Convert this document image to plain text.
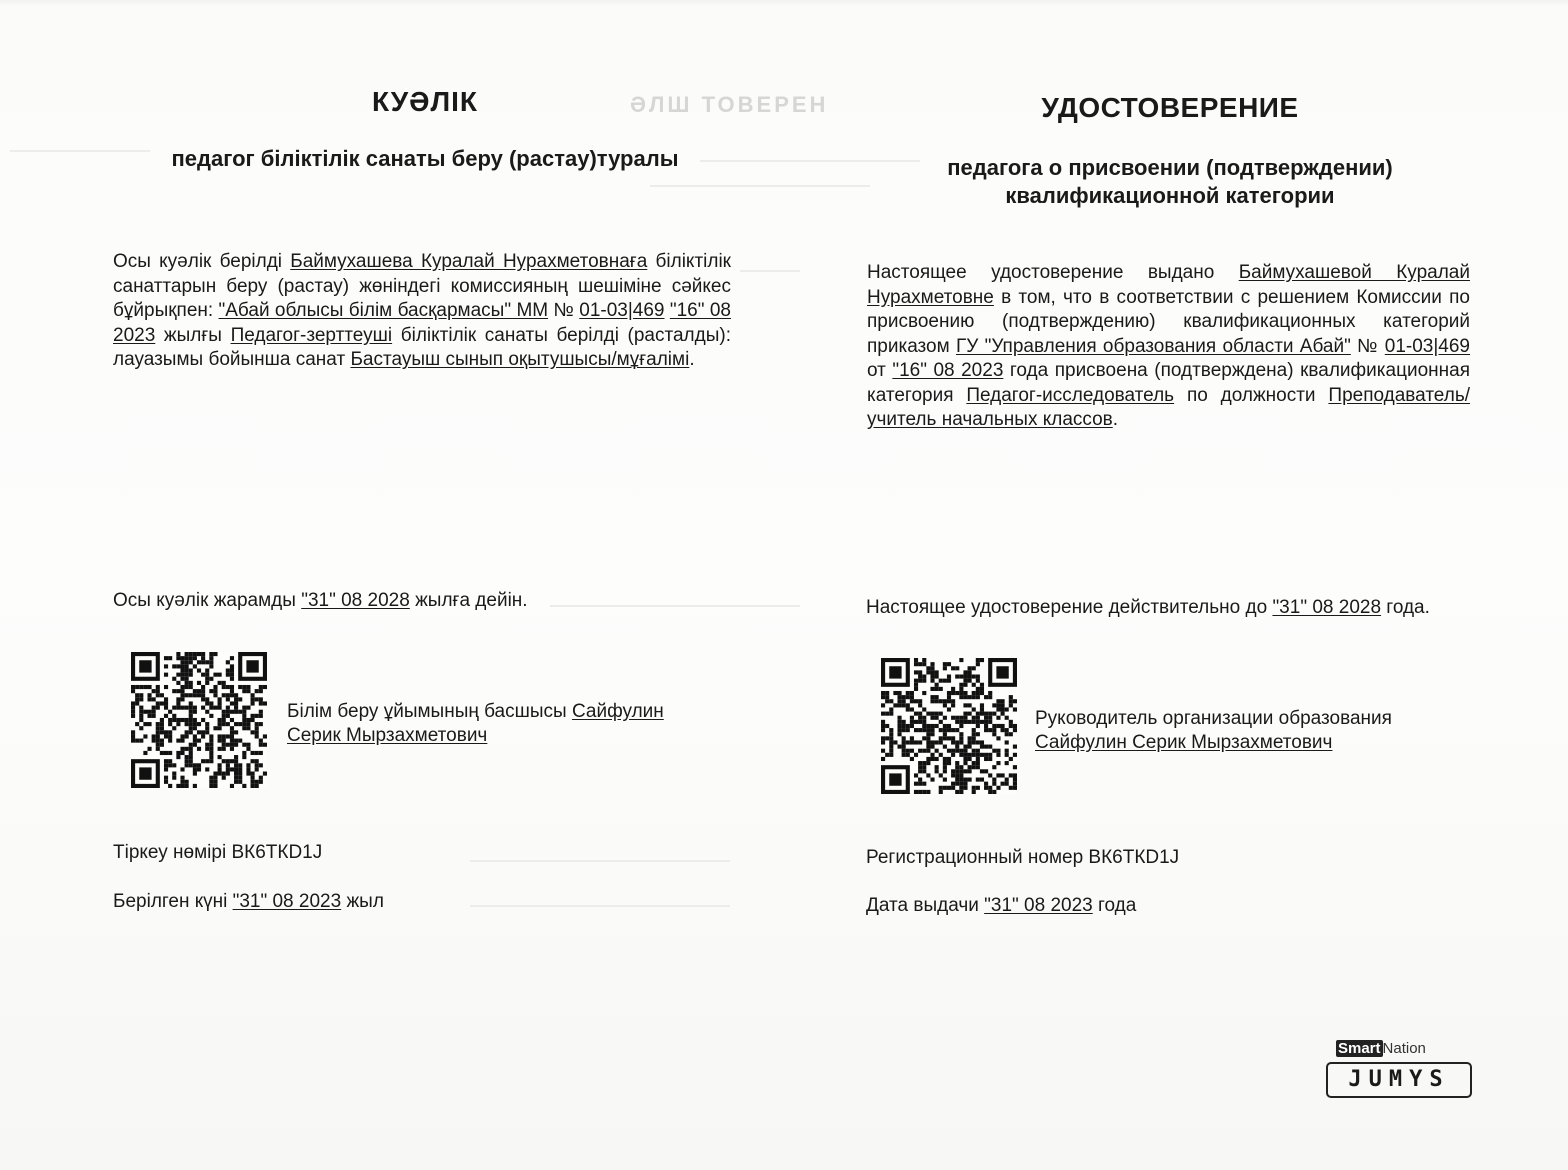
ӘЛШ ТОВЕРЕН
КУӘЛІК
педагог біліктілік санаты беру (растау)туралы
Осы куәлік берілді Баймухашева Куралай Нурахметовнаға біліктілік санаттарын беру (растау) жөніндегі комиссияның шешіміне сәйкес бұйрықпен: "Абай облысы білім басқармасы" ММ № 01-03|469 "16" 08 2023 жылғы Педагог-зерттеуші біліктілік санаты берілді (расталды): лауазымы бойынша санат Бастауыш сынып оқытушысы/мұғалімі.
Осы куәлік жарамды "31" 08 2028 жылға дейін.
Білім беру ұйымының басшысы Сайфулин Серик Мырзахметович
Тіркеу нөмірі ВК6ТКD1J
Берілген күні "31" 08 2023 жыл
УДОСТОВЕРЕНИЕ
педагога о присвоении (подтверждении)
квалификационной категории
Настоящее удостоверение выдано Баймухашевой Куралай Нурахметовне в том, что в соответствии с решением Комиссии по присвоению (подтверждению) квалификационных категорий приказом ГУ "Управления образования области Абай" № 01-03|469 от "16" 08 2023 года присвоена (подтверждена) квалификационная категория Педагог-исследователь по должности Преподаватель/учитель начальных классов.
Настоящее удостоверение действительно до "31" 08 2028 года.
Руководитель организации образования
Сайфулин Серик Мырзахметович
Регистрационный номер ВК6ТКD1J
Дата выдачи "31" 08 2023 года
Smart Nation
JUMYS
